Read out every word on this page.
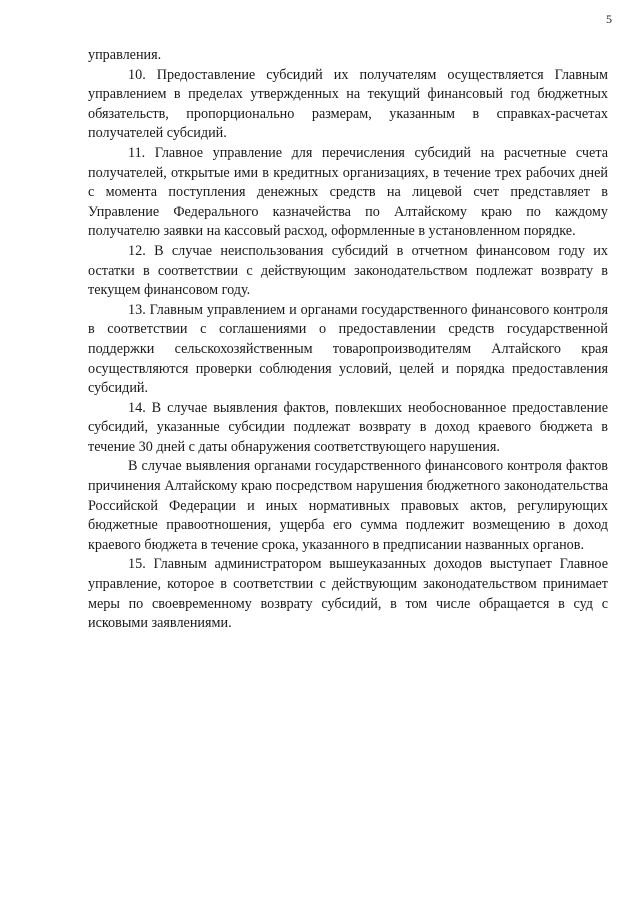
5

управления.

10. Предоставление субсидий их получателям осуществляется Главным управлением в пределах утвержденных на текущий финансовый год бюджетных обязательств, пропорционально размерам, указанным в справках-расчетах получателей субсидий.

11. Главное управление для перечисления субсидий на расчетные счета получателей, открытые ими в кредитных организациях, в течение трех рабочих дней с момента поступления денежных средств на лицевой счет представляет в Управление Федерального казначейства по Алтайскому краю по каждому получателю заявки на кассовый расход, оформленные в установленном порядке.

12. В случае неиспользования субсидий в отчетном финансовом году их остатки в соответствии с действующим законодательством подлежат возврату в текущем финансовом году.

13. Главным управлением и органами государственного финансового контроля в соответствии с соглашениями о предоставлении средств государственной поддержки сельскохозяйственным товаропроизводителям Алтайского края осуществляются проверки соблюдения условий, целей и порядка предоставления субсидий.

14. В случае выявления фактов, повлекших необоснованное предоставление субсидий, указанные субсидии подлежат возврату в доход краевого бюджета в течение 30 дней с даты обнаружения соответствующего нарушения.

В случае выявления органами государственного финансового контроля фактов причинения Алтайскому краю посредством нарушения бюджетного законодательства Российской Федерации и иных нормативных правовых актов, регулирующих бюджетные правоотношения, ущерба его сумма подлежит возмещению в доход краевого бюджета в течение срока, указанного в предписании названных органов.

15. Главным администратором вышеуказанных доходов выступает Главное управление, которое в соответствии с действующим законодательством принимает меры по своевременному возврату субсидий, в том числе обращается в суд с исковыми заявлениями.
